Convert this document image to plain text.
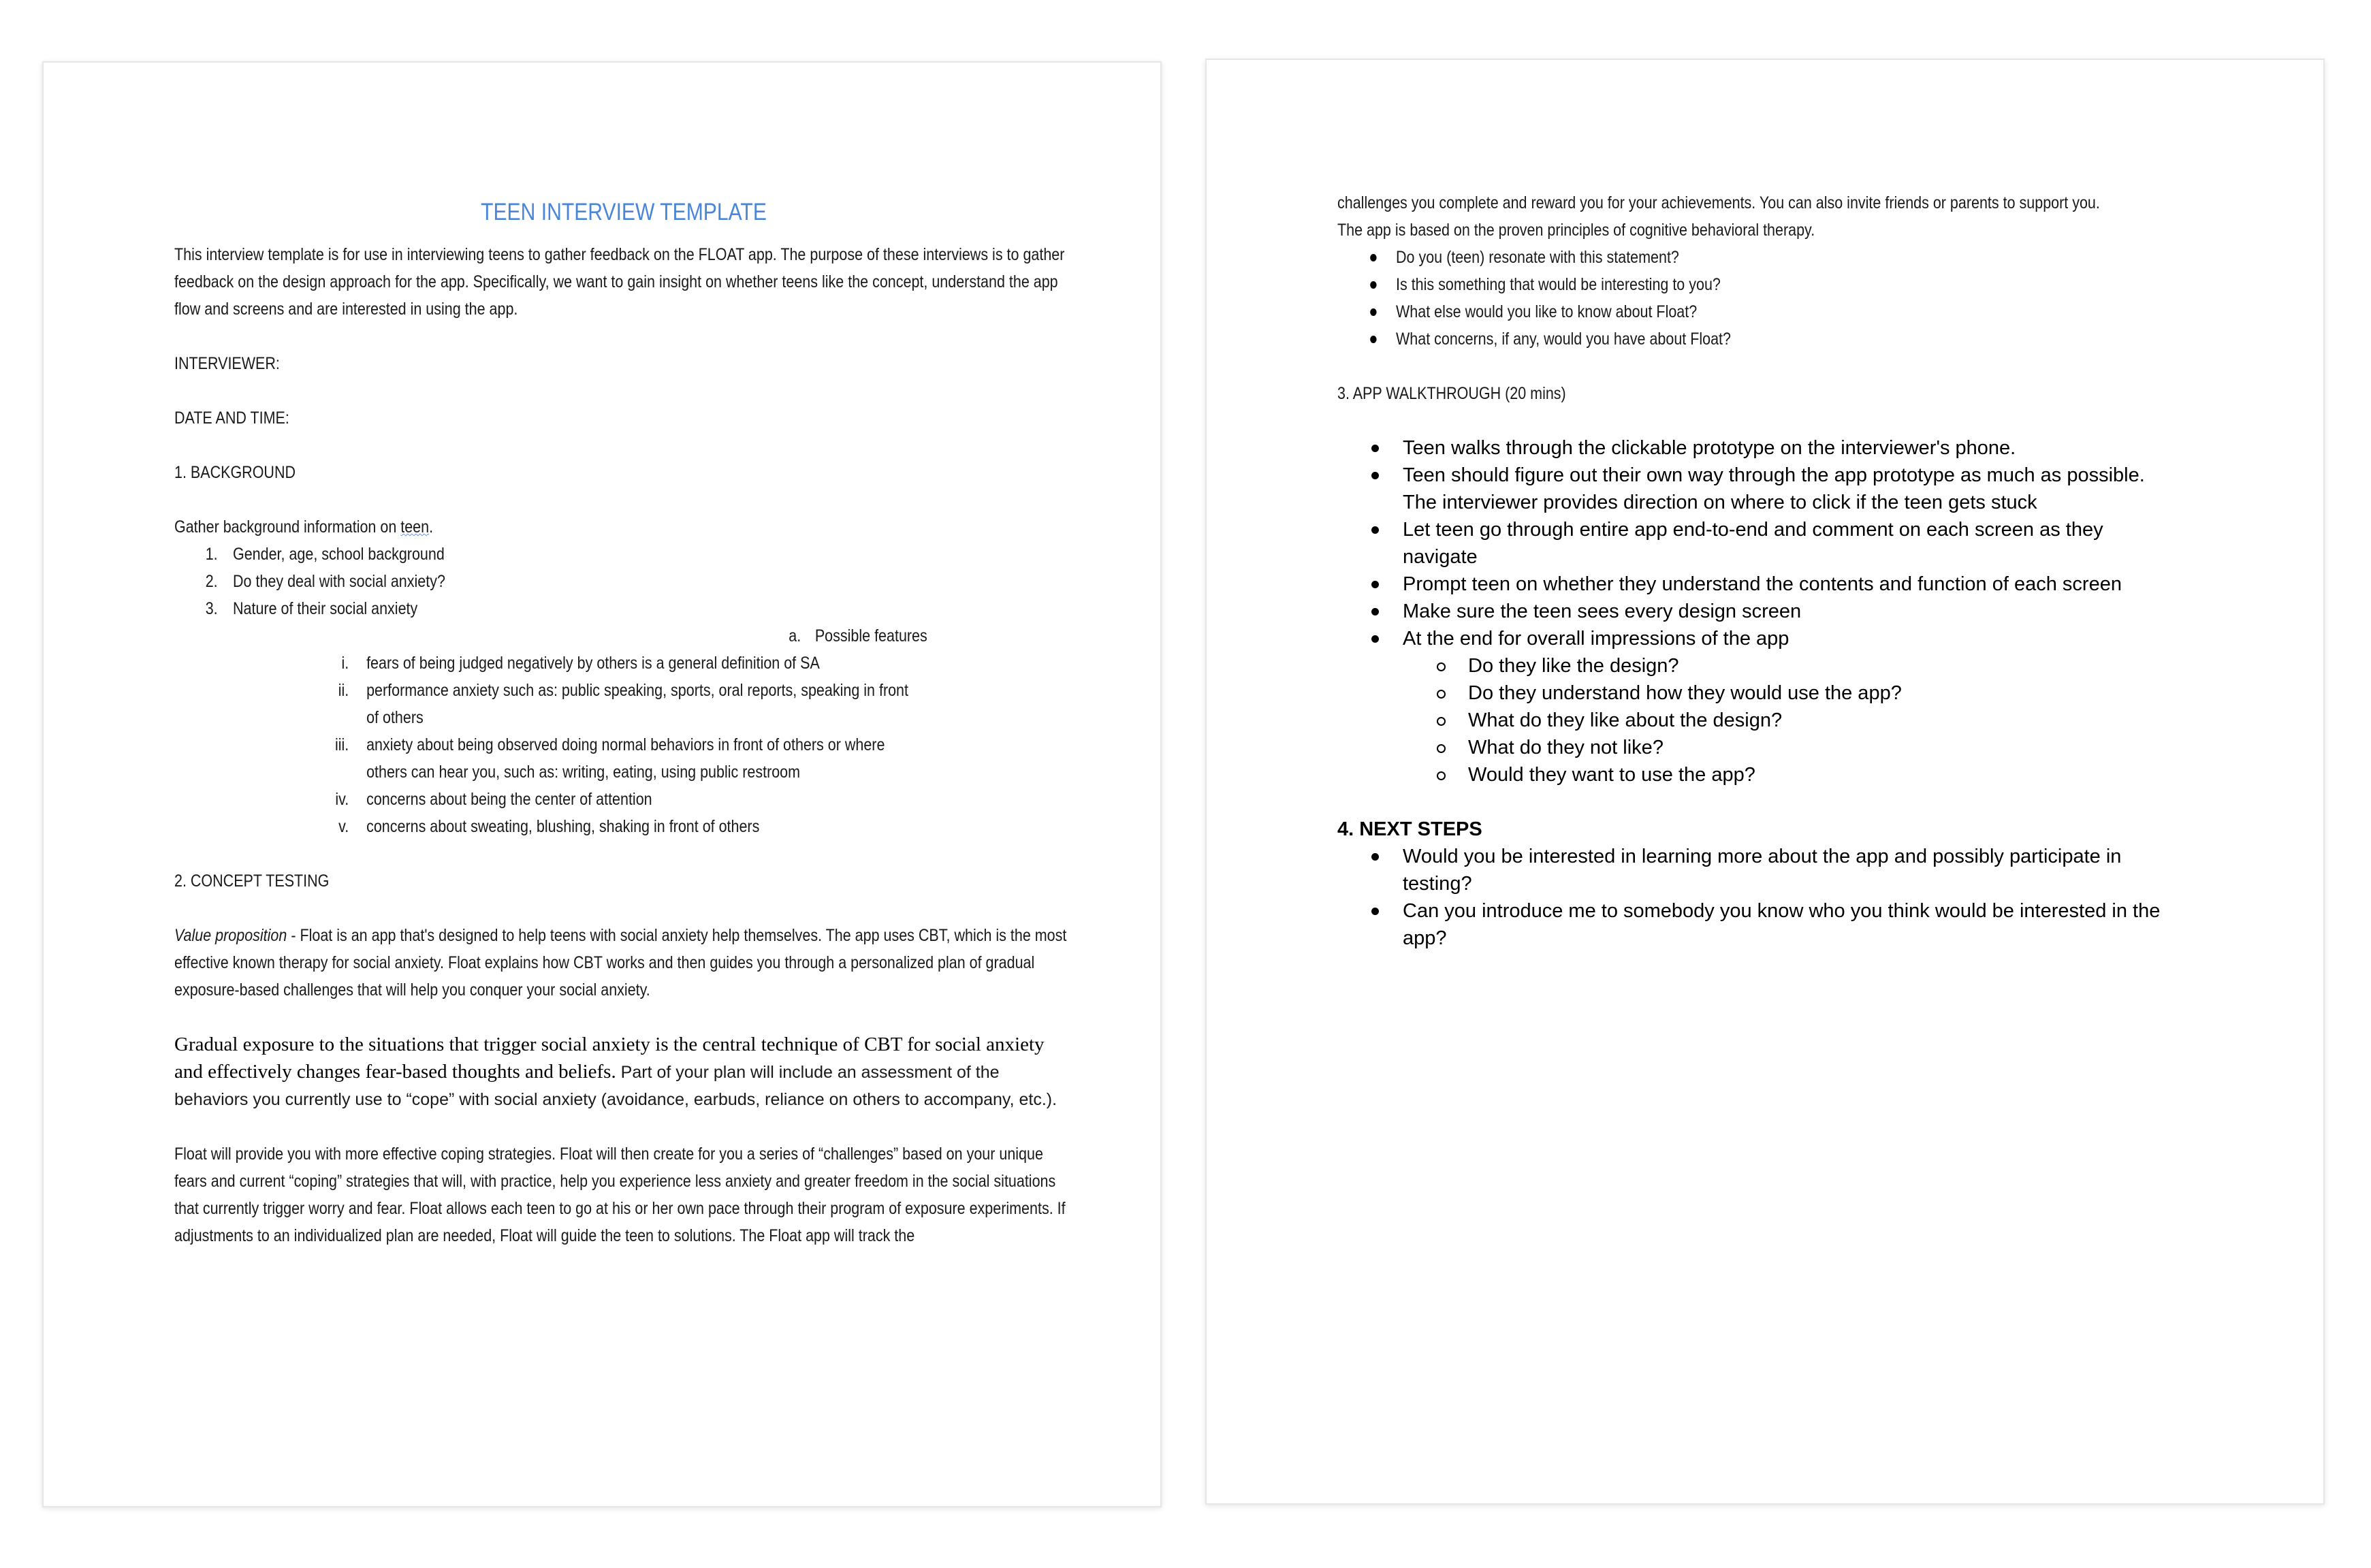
TEEN INTERVIEW TEMPLATE

This interview template is for use in interviewing teens to gather feedback on the FLOAT app. The purpose of these interviews is to gather feedback on the design approach for the app. Specifically, we want to gain insight on whether teens like the concept, understand the app flow and screens and are interested in using the app.

INTERVIEWER:

DATE AND TIME:

1. BACKGROUND

Gather background information on teen.

1. Gender, age, school background
2. Do they deal with social anxiety?
3. Nature of their social anxiety
a. Possible features
i. fears of being judged negatively by others is a general definition of SA
ii. performance anxiety such as: public speaking, sports, oral reports, speaking in front
of others
iii. anxiety about being observed doing normal behaviors in front of others or where
others can hear you, such as: writing, eating, using public restroom
iv. concerns about being the center of attention
v. concerns about sweating, blushing, shaking in front of others

2. CONCEPT TESTING

Value proposition - Float is an app that's designed to help teens with social anxiety help themselves. The app uses CBT, which is the most effective known therapy for social anxiety. Float explains how CBT works and then guides you through a personalized plan of gradual exposure-based challenges that will help you conquer your social anxiety.

Gradual exposure to the situations that trigger social anxiety is the central technique of CBT for social anxiety and effectively changes fear-based thoughts and beliefs. Part of your plan will include an assessment of the behaviors you currently use to “cope” with social anxiety (avoidance, earbuds, reliance on others to accompany, etc.).

Float will provide you with more effective coping strategies. Float will then create for you a series of “challenges” based on your unique fears and current “coping” strategies that will, with practice, help you experience less anxiety and greater freedom in the social situations that currently trigger worry and fear. Float allows each teen to go at his or her own pace through their program of exposure experiments. If adjustments to an individualized plan are needed, Float will guide the teen to solutions. The Float app will track the

challenges you complete and reward you for your achievements. You can also invite friends or parents to support you.

The app is based on the proven principles of cognitive behavioral therapy.

Do you (teen) resonate with this statement?
Is this something that would be interesting to you?
What else would you like to know about Float?
What concerns, if any, would you have about Float?

3. APP WALKTHROUGH (20 mins)

Teen walks through the clickable prototype on the interviewer's phone.
Teen should figure out their own way through the app prototype as much as possible.
The interviewer provides direction on where to click if the teen gets stuck
Let teen go through entire app end-to-end and comment on each screen as they
navigate
Prompt teen on whether they understand the contents and function of each screen
Make sure the teen sees every design screen
At the end for overall impressions of the app
Do they like the design?
Do they understand how they would use the app?
What do they like about the design?
What do they not like?
Would they want to use the app?

4. NEXT STEPS

Would you be interested in learning more about the app and possibly participate in
testing?
Can you introduce me to somebody you know who you think would be interested in the
app?
